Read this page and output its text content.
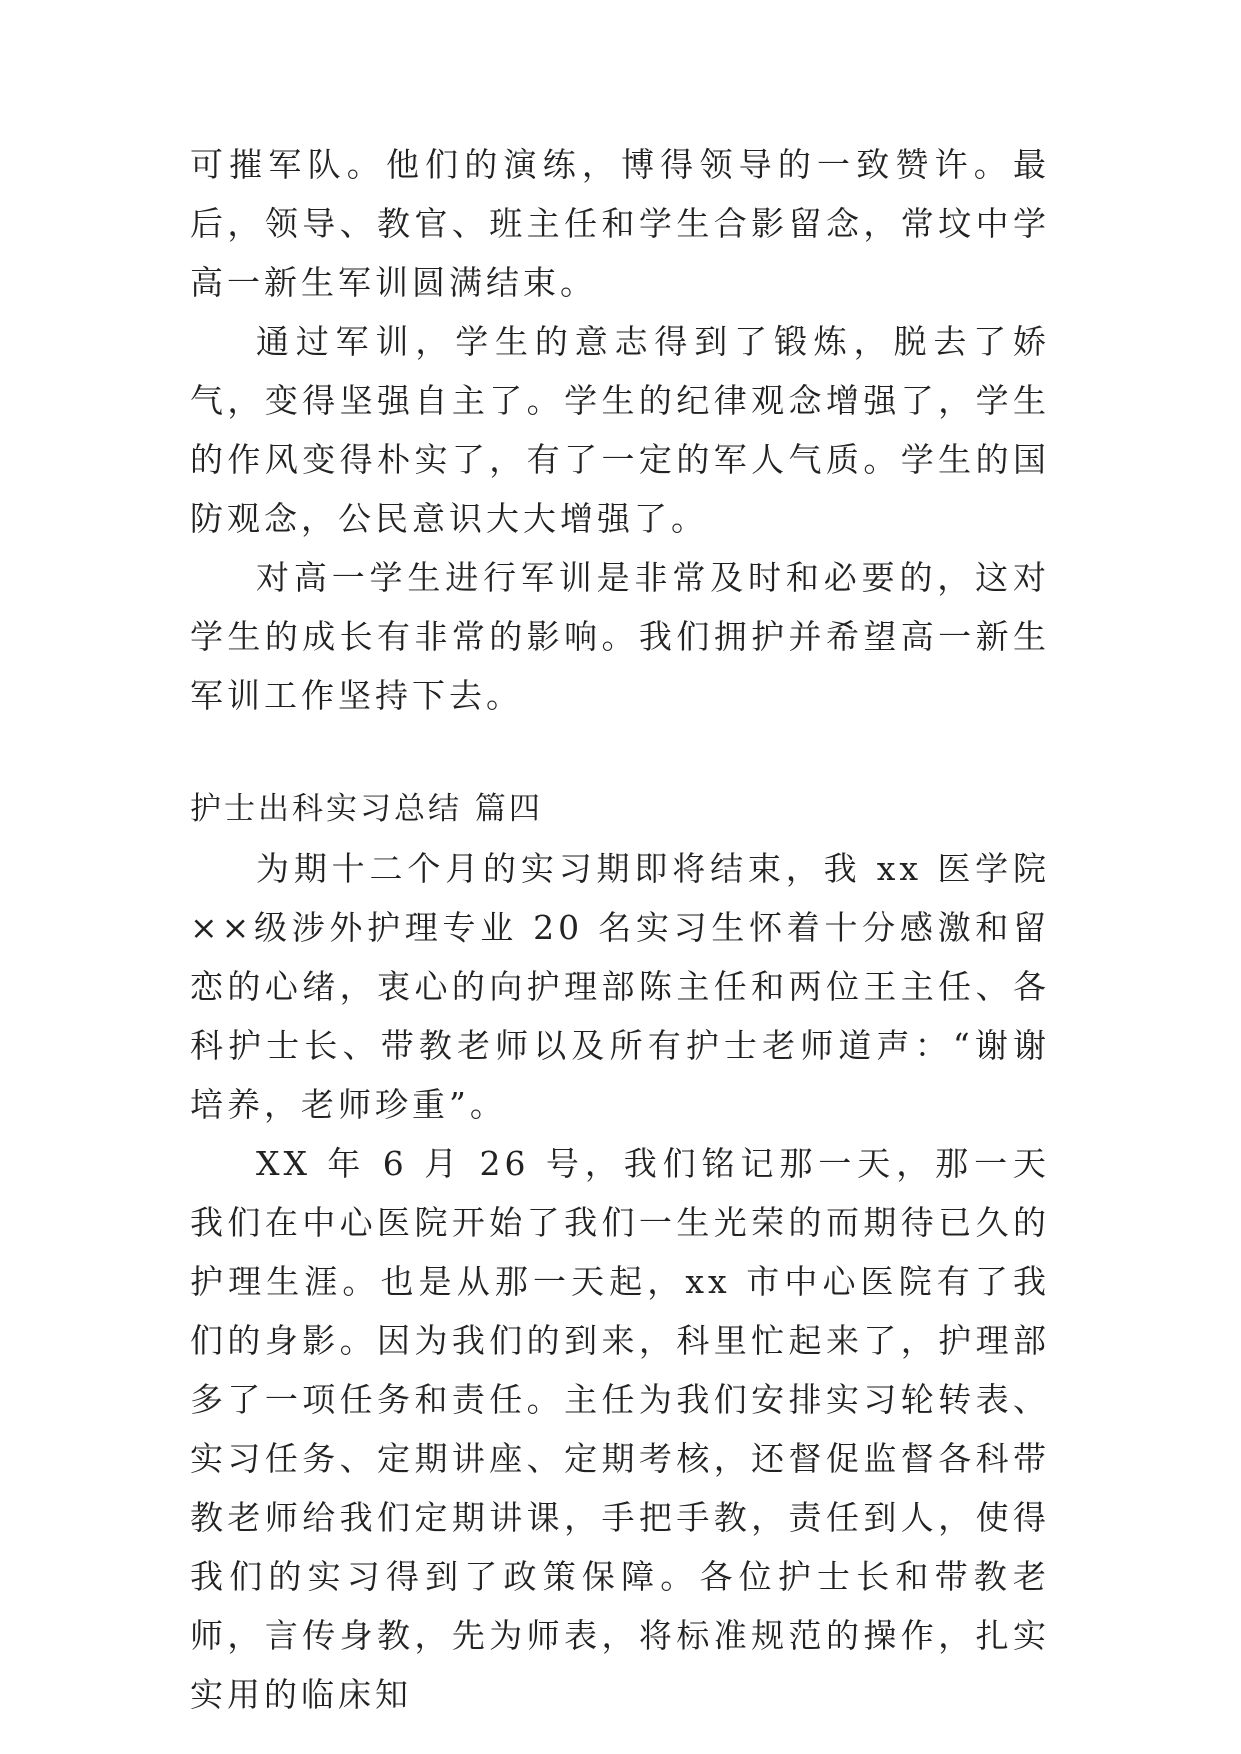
可摧军队。他们的演练，博得领导的一致赞许。最后，领导、教官、班主任和学生合影留念，常坟中学高一新生军训圆满结束。

通过军训，学生的意志得到了锻炼，脱去了娇气，变得坚强自主了。学生的纪律观念增强了，学生的作风变得朴实了，有了一定的军人气质。学生的国防观念，公民意识大大增强了。

对高一学生进行军训是非常及时和必要的，这对学生的成长有非常的影响。我们拥护并希望高一新生军训工作坚持下去。

护士出科实习总结 篇四

为期十二个月的实习期即将结束，我 xx 医学院××级涉外护理专业 20 名实习生怀着十分感激和留恋的心绪，衷心的向护理部陈主任和两位王主任、各科护士长、带教老师以及所有护士老师道声：“谢谢培养，老师珍重”。

XX 年 6 月 26 号，我们铭记那一天，那一天我们在中心医院开始了我们一生光荣的而期待已久的护理生涯。也是从那一天起，xx 市中心医院有了我们的身影。因为我们的到来，科里忙起来了，护理部多了一项任务和责任。主任为我们安排实习轮转表、实习任务、定期讲座、定期考核，还督促监督各科带教老师给我们定期讲课，手把手教，责任到人，使得我们的实习得到了政策保障。各位护士长和带教老师，言传身教，先为师表，将标准规范的操作，扎实实用的临床知
